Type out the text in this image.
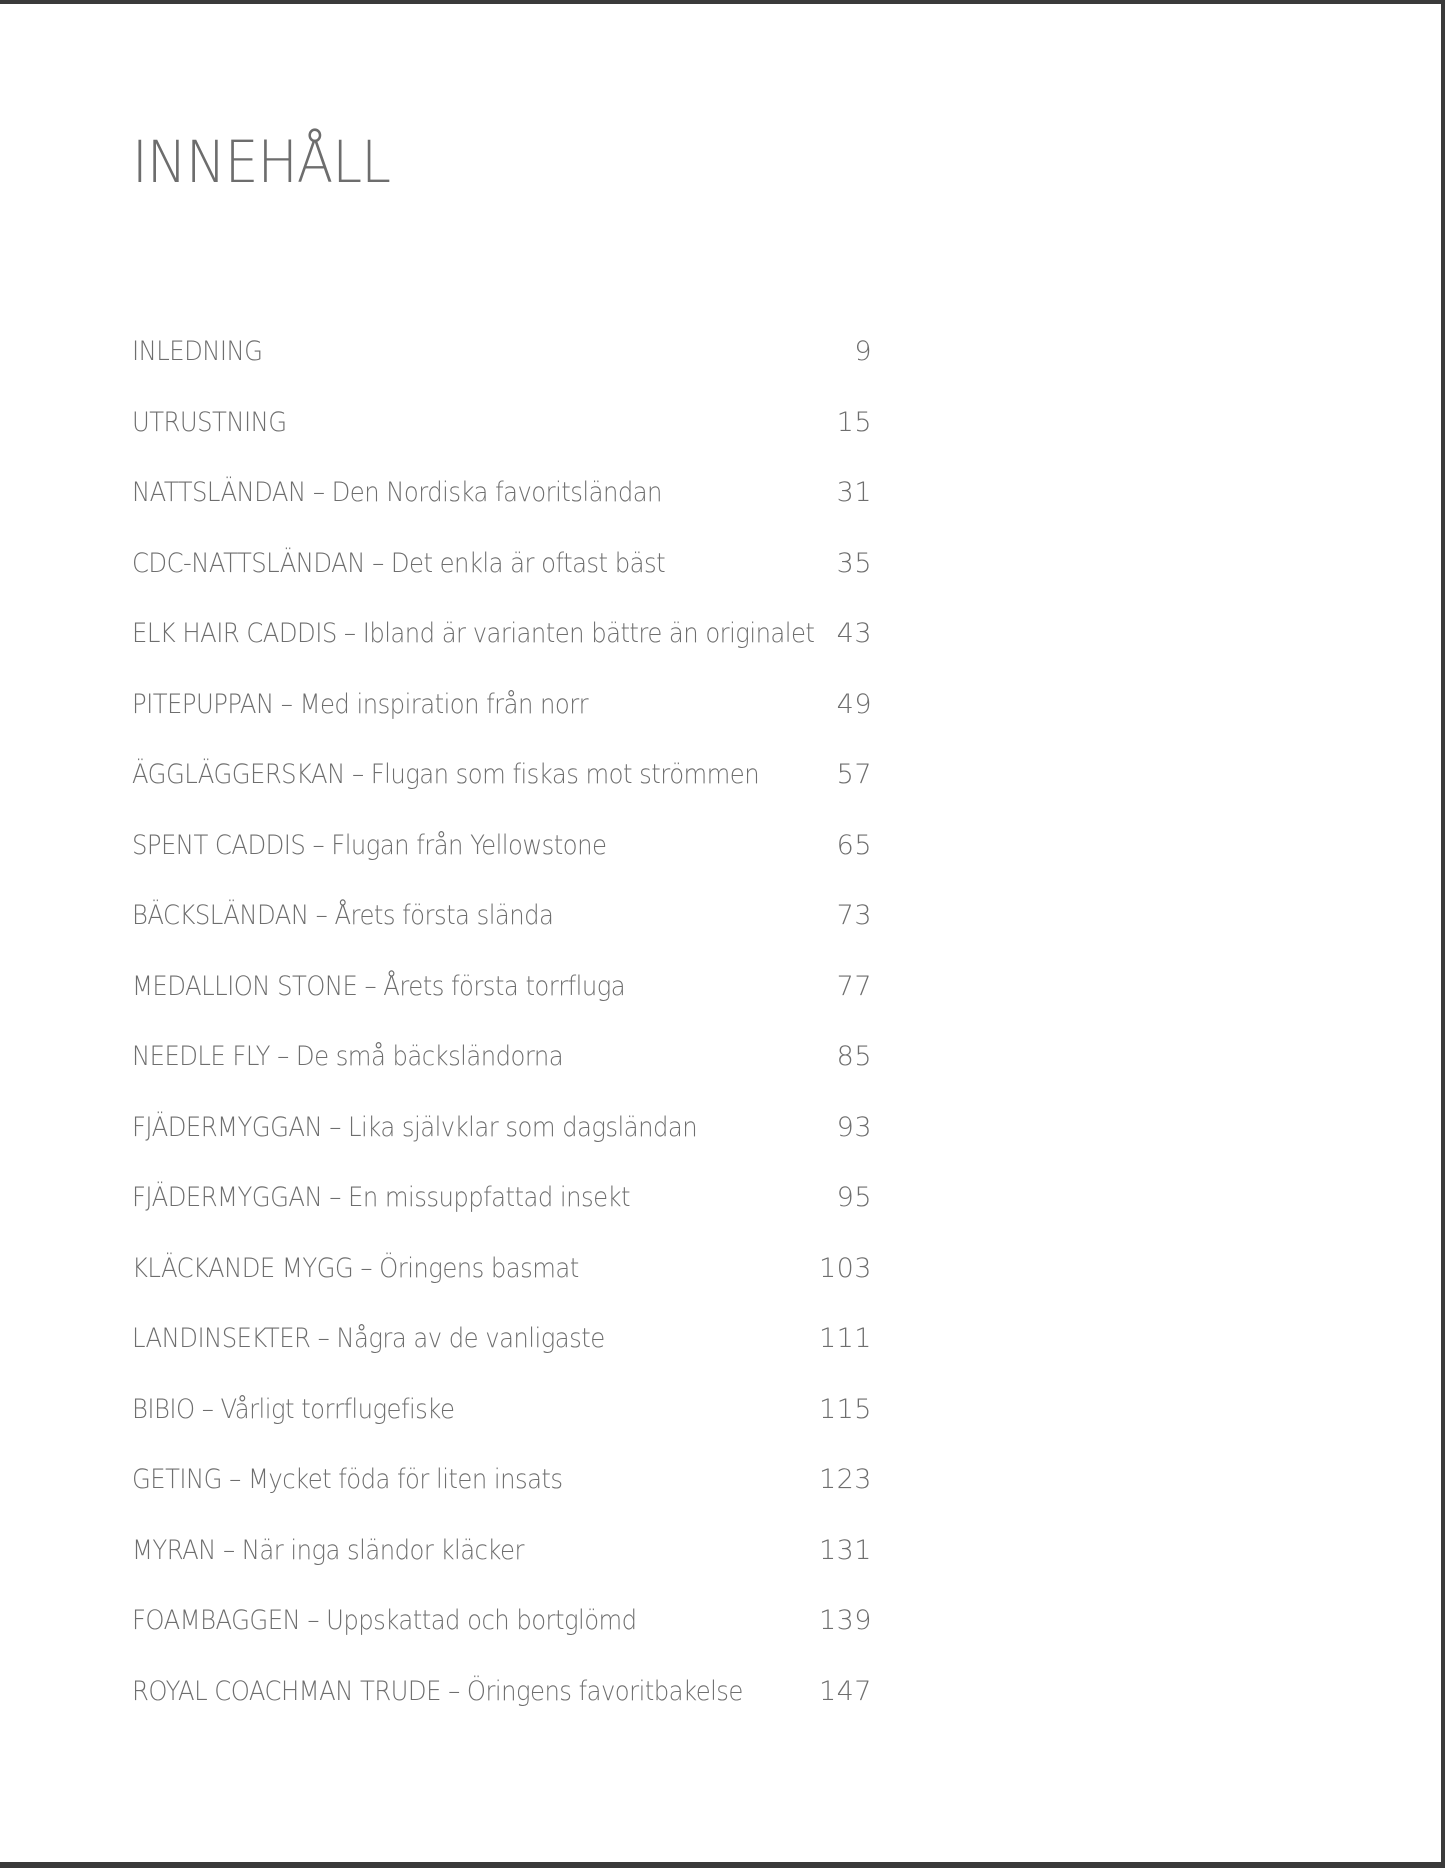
INNEHÅLL
INLEDNING	9
UTRUSTNING	15
NATTSLÄNDAN – Den Nordiska favoritsländan	31
CDC-NATTSLÄNDAN – Det enkla är oftast bäst	35
ELK HAIR CADDIS – Ibland är varianten bättre än originalet 43
PITEPUPPAN – Med inspiration från norr	49
ÄGGLÄGGERSKAN – Flugan som fiskas mot strömmen	57
SPENT CADDIS – Flugan från Yellowstone	65
BÄCKSLÄNDAN – Årets första slända	73
MEDALLION STONE – Årets första torrfluga	77
NEEDLE FLY – De små bäcksländorna	85
FJÄDERMYGGAN – Lika självklar som dagsländan	93
FJÄDERMYGGAN – En missuppfattad insekt	95
KLÄCKANDE MYGG – Öringens basmat	103
LANDINSEKTER – Några av de vanligaste	111
BIBIO – Vårligt torrflugefiske	115
GETING – Mycket föda för liten insats	123
MYRAN – När inga sländor kläcker	131
FOAMBAGGEN – Uppskattad och bortglömd	139
ROYAL COACHMAN TRUDE – Öringens favoritbakelse	147
